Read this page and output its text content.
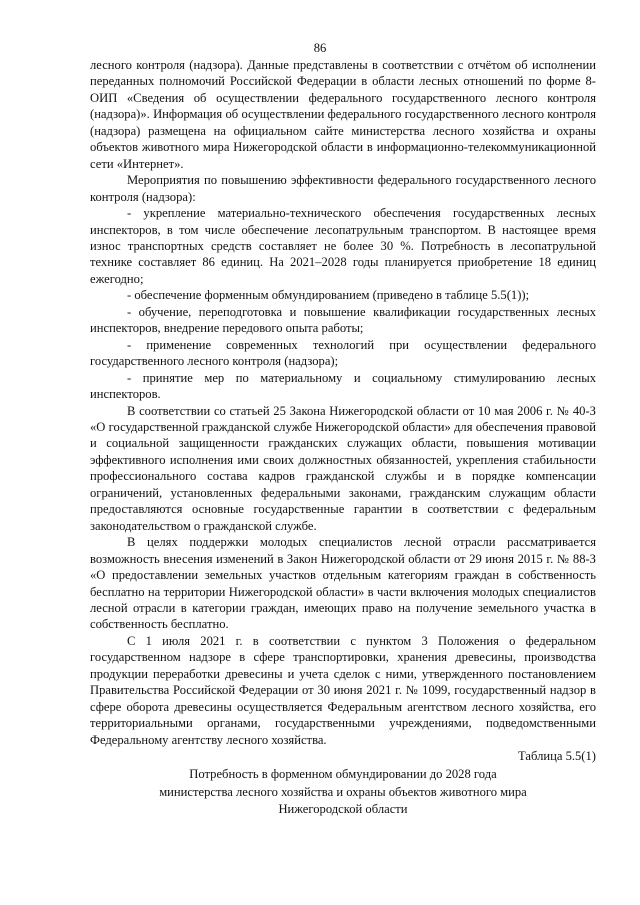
86

лесного контроля (надзора). Данные представлены в соответствии с отчётом об исполнении переданных полномочий Российской Федерации в области лесных отношений по форме 8-ОИП «Сведения об осуществлении федерального государственного лесного контроля (надзора)». Информация об осуществлении федерального государственного лесного контроля (надзора) размещена на официальном сайте министерства лесного хозяйства и охраны объектов животного мира Нижегородской области в информационно-телекоммуникационной сети «Интернет».

Мероприятия по повышению эффективности федерального государственного лесного контроля (надзора):

- укрепление материально-технического обеспечения государственных лесных инспекторов, в том числе обеспечение лесопатрульным транспортом. В настоящее время износ транспортных средств составляет не более 30 %. Потребность в лесопатрульной технике составляет 86 единиц. На 2021–2028 годы планируется приобретение 18 единиц ежегодно;

- обеспечение форменным обмундированием (приведено в таблице 5.5(1));

- обучение, переподготовка и повышение квалификации государственных лесных инспекторов, внедрение передового опыта работы;

- применение современных технологий при осуществлении федерального государственного лесного контроля (надзора);

- принятие мер по материальному и социальному стимулированию лесных инспекторов.

В соответствии со статьей 25 Закона Нижегородской области от 10 мая 2006 г. № 40-З «О государственной гражданской службе Нижегородской области» для обеспечения правовой и социальной защищенности гражданских служащих области, повышения мотивации эффективного исполнения ими своих должностных обязанностей, укрепления стабильности профессионального состава кадров гражданской службы и в порядке компенсации ограничений, установленных федеральными законами, гражданским служащим области предоставляются основные государственные гарантии в соответствии с федеральным законодательством о гражданской службе.

В целях поддержки молодых специалистов лесной отрасли рассматривается возможность внесения изменений в Закон Нижегородской области от 29 июня 2015 г. № 88-З «О предоставлении земельных участков отдельным категориям граждан в собственность бесплатно на территории Нижегородской области» в части включения молодых специалистов лесной отрасли в категории граждан, имеющих право на получение земельного участка в собственность бесплатно.

С 1 июля 2021 г. в соответствии с пунктом 3 Положения о федеральном государственном надзоре в сфере транспортировки, хранения древесины, производства продукции переработки древесины и учета сделок с ними, утвержденного постановлением Правительства Российской Федерации от 30 июня 2021 г. № 1099, государственный надзор в сфере оборота древесины осуществляется Федеральным агентством лесного хозяйства, его территориальными органами, государственными учреждениями, подведомственными Федеральному агентству лесного хозяйства.

Таблица 5.5(1)

Потребность в форменном обмундировании до 2028 года
министерства лесного хозяйства и охраны объектов животного мира
Нижегородской области
